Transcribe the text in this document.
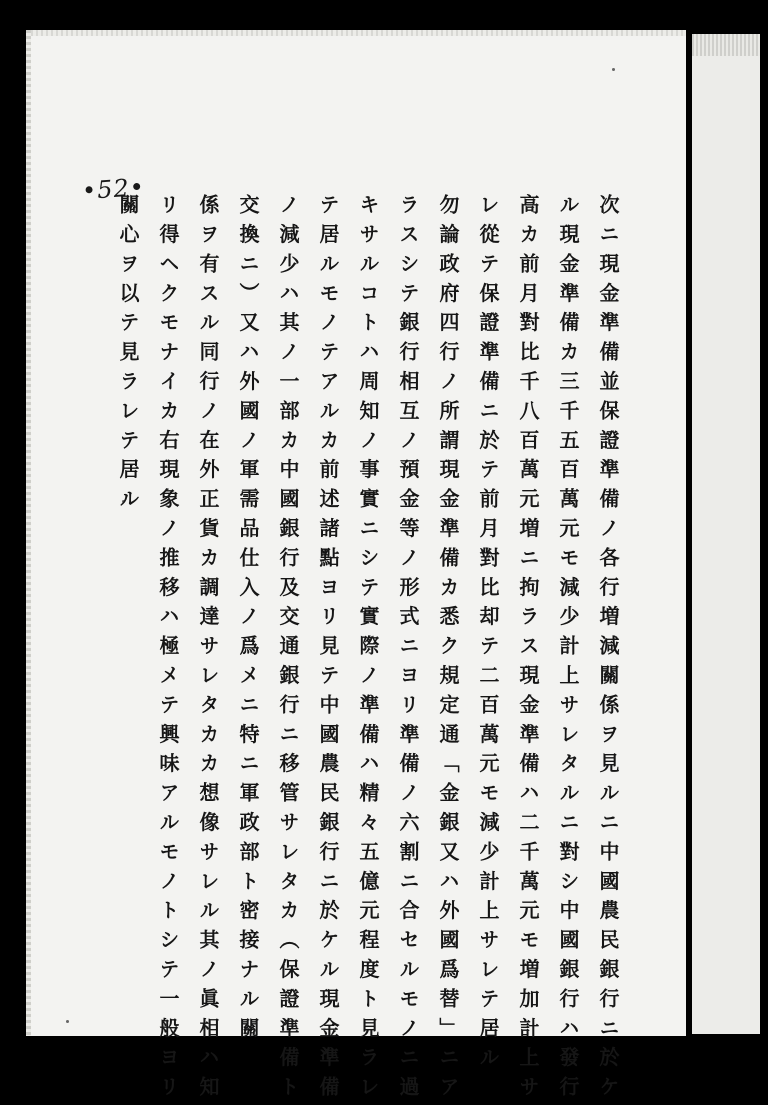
•52•
次ニ現金準備並保證準備ノ各行増減關係ヲ見ルニ中國農民銀行ニ於ケ
ル現金準備カ三千五百萬元モ減少計上サレタルニ對シ中國銀行ハ發行
高カ前月對比千八百萬元増ニ拘ラス現金準備ハ二千萬元モ増加計上サ
レ從テ保證準備ニ於テ前月對比却テ二百萬元モ減少計上サレテ居ル
勿論政府四行ノ所謂現金準備カ悉ク規定通「金銀又ハ外國爲替」ニア
ラスシテ銀行相互ノ預金等ノ形式ニヨリ準備ノ六割ニ合セルモノニ過
キサルコトハ周知ノ事實ニシテ實際ノ準備ハ精々五億元程度ト見ラレ
テ居ルモノテアルカ前述諸點ヨリ見テ中國農民銀行ニ於ケル現金準備
ノ減少ハ其ノ一部カ中國銀行及交通銀行ニ移管サレタカ（保證準備ト
交換ニ）又ハ外國ノ軍需品仕入ノ爲メニ特ニ軍政部ト密接ナル關
係ヲ有スル同行ノ在外正貨カ調達サレタカカ想像サレル其ノ眞相ハ知
リ得ヘクモナイカ右現象ノ推移ハ極メテ興味アルモノトシテ一般ヨリ
關心ヲ以テ見ラレテ居ル
